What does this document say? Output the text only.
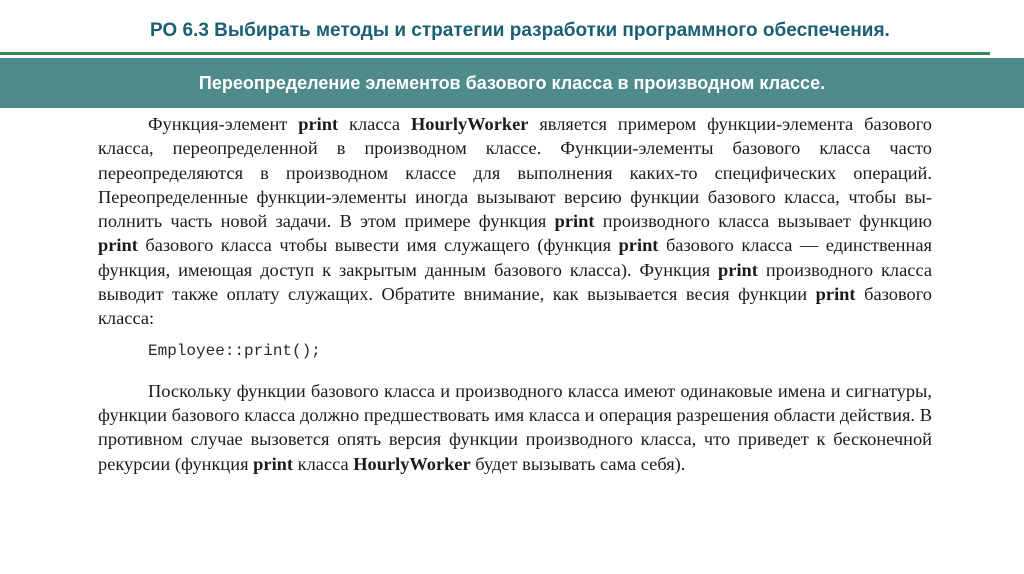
РО 6.3 Выбирать методы и стратегии разработки программного обеспечения.
Переопределение элементов базового класса в производном классе.

Функция-элемент print класса HourlyWorker является примером функции-элемента базового класса, переопределенной в производном классе. Функции-элементы базового класса часто переопределяются в производном классе для выполнения каких-то специфических операций. Переопределенные функции-элементы иногда вызывают версию функции базового класса, чтобы выполнить часть новой задачи. В этом примере функция print производного класса вызывает функцию print базового класса чтобы вывести имя служащего (функция print базового класса — единственная функция, имеющая доступ к закрытым данным базового класса). Функция print производного класса выводит также оплату служащих. Обратите внимание, как вызывается весия функции print базового класса:

Employee::print();

Поскольку функции базового класса и производного класса имеют одинаковые имена и сигнатуры, функции базового класса должно предшествовать имя класса и операция разрешения области действия. В противном случае вызовется опять версия функции производного класса, что приведет к бесконечной рекурсии (функция print класса HourlyWorker будет вызывать сама себя).
